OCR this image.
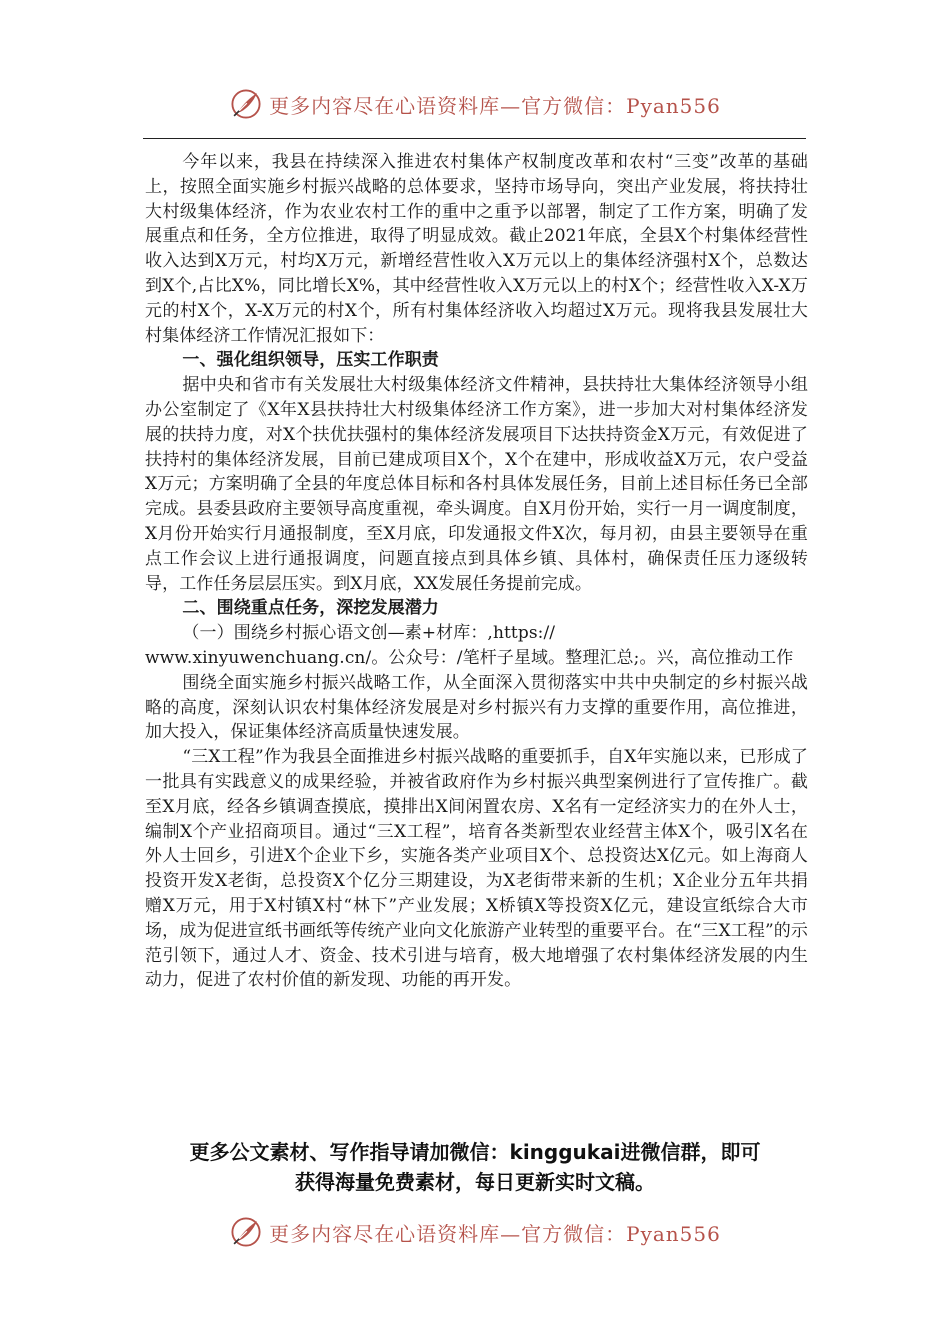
更多内容尽在心语资料库—官方微信：Pyan556

今年以来，我县在持续深入推进农村集体产权制度改革和农村“三变”改革的基础上，按照全面实施乡村振兴战略的总体要求，坚持市场导向，突出产业发展，将扶持壮大村级集体经济，作为农业农村工作的重中之重予以部署，制定了工作方案，明确了发展重点和任务，全方位推进，取得了明显成效。截止2021年底，全县X个村集体经营性收入达到X万元，村均X万元，新增经营性收入X万元以上的集体经济强村X个，总数达到X个,占比X%，同比增长X%，其中经营性收入X万元以上的村X个；经营性收入X-X万元的村X个，X-X万元的村X个，所有村集体经济收入均超过X万元。现将我县发展壮大村集体经济工作情况汇报如下：

一、强化组织领导，压实工作职责

据中央和省市有关发展壮大村级集体经济文件精神，县扶持壮大集体经济领导小组办公室制定了《X年X县扶持壮大村级集体经济工作方案》，进一步加大对村集体经济发展的扶持力度，对X个扶优扶强村的集体经济发展项目下达扶持资金X万元，有效促进了扶持村的集体经济发展，目前已建成项目X个，X个在建中，形成收益X万元，农户受益X万元；方案明确了全县的年度总体目标和各村具体发展任务，目前上述目标任务已全部完成。县委县政府主要领导高度重视，牵头调度。自X月份开始，实行一月一调度制度，X月份开始实行月通报制度，至X月底，印发通报文件X次，每月初，由县主要领导在重点工作会议上进行通报调度，问题直接点到具体乡镇、具体村，确保责任压力逐级转导，工作任务层层压实。到X月底，XX发展任务提前完成。

二、围绕重点任务，深挖发展潜力

（一）围绕乡村振心语文创—素+材库：,https://

www.xinyuwenchuang.cn/。公众号：/笔杆子星域。整理汇总;。兴，高位推动工作

围绕全面实施乡村振兴战略工作，从全面深入贯彻落实中共中央制定的乡村振兴战略的高度，深刻认识农村集体经济发展是对乡村振兴有力支撑的重要作用，高位推进，加大投入，保证集体经济高质量快速发展。

“三X工程”作为我县全面推进乡村振兴战略的重要抓手，自X年实施以来，已形成了一批具有实践意义的成果经验，并被省政府作为乡村振兴典型案例进行了宣传推广。截至X月底，经各乡镇调查摸底，摸排出X间闲置农房、X名有一定经济实力的在外人士，编制X个产业招商项目。通过“三X工程”，培育各类新型农业经营主体X个，吸引X名在外人士回乡，引进X个企业下乡，实施各类产业项目X个、总投资达X亿元。如上海商人投资开发X老街，总投资X个亿分三期建设，为X老街带来新的生机；X企业分五年共捐赠X万元，用于X村镇X村“林下”产业发展；X桥镇X等投资X亿元，建设宣纸综合大市场，成为促进宣纸书画纸等传统产业向文化旅游产业转型的重要平台。在“三X工程”的示范引领下，通过人才、资金、技术引进与培育，极大地增强了农村集体经济发展的内生动力，促进了农村价值的新发现、功能的再开发。

更多公文素材、写作指导请加微信：kinggukai进微信群，即可
获得海量免费素材，每日更新实时文稿。
更多内容尽在心语资料库—官方微信：Pyan556
